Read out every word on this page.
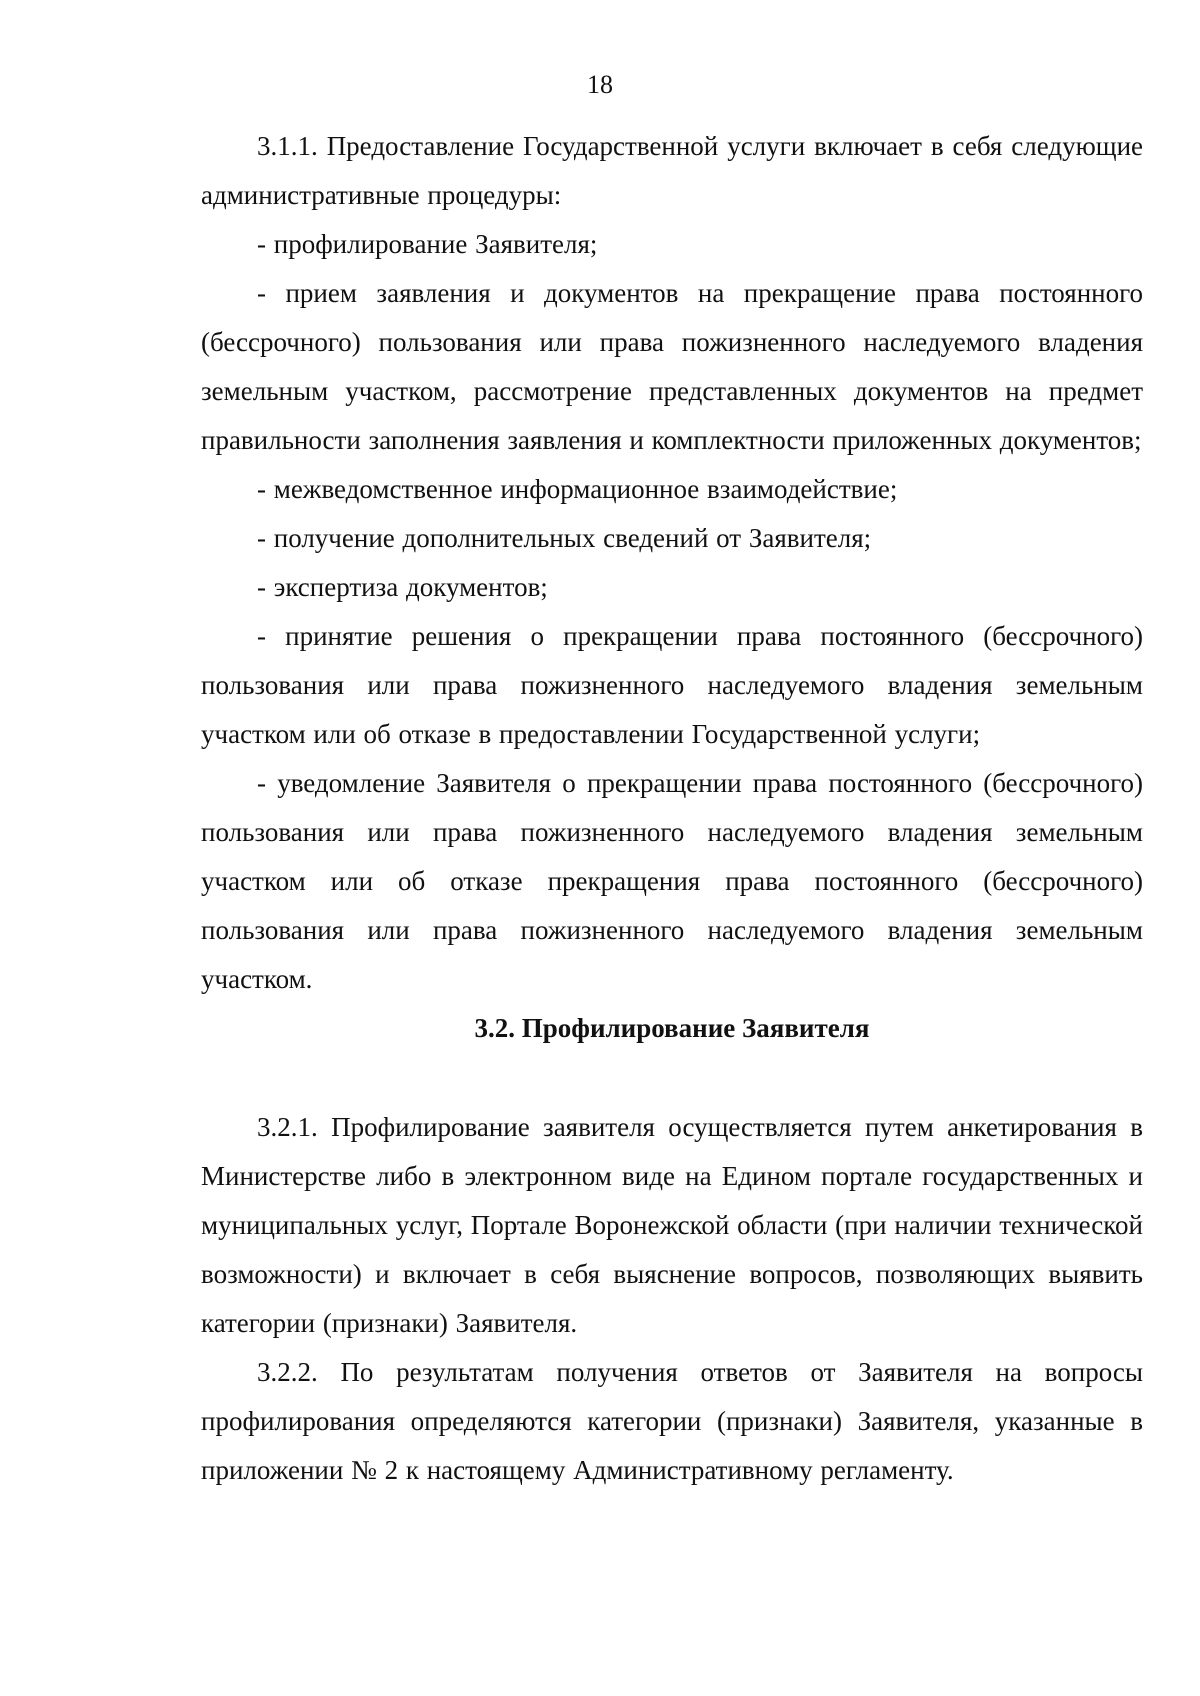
18

3.1.1. Предоставление Государственной услуги включает в себя следующие административные процедуры:

- профилирование Заявителя;

- прием заявления и документов на прекращение права постоянного (бессрочного) пользования или права пожизненного наследуемого владения земельным участком, рассмотрение представленных документов на предмет правильности заполнения заявления и комплектности приложенных документов;

- межведомственное информационное взаимодействие;

- получение дополнительных сведений от Заявителя;

- экспертиза документов;

- принятие решения о прекращении права постоянного (бессрочного) пользования или права пожизненного наследуемого владения земельным участком или об отказе в предоставлении Государственной услуги;

- уведомление Заявителя о прекращении права постоянного (бессрочного) пользования или права пожизненного наследуемого владения земельным участком или об отказе прекращения права постоянного (бессрочного) пользования или права пожизненного наследуемого владения земельным участком.

3.2. Профилирование Заявителя

3.2.1. Профилирование заявителя осуществляется путем анкетирования в Министерстве либо в электронном виде на Едином портале государственных и муниципальных услуг, Портале Воронежской области (при наличии технической возможности) и включает в себя выяснение вопросов, позволяющих выявить категории (признаки) Заявителя.

3.2.2. По результатам получения ответов от Заявителя на вопросы профилирования определяются категории (признаки) Заявителя, указанные в приложении № 2 к настоящему Административному регламенту.
